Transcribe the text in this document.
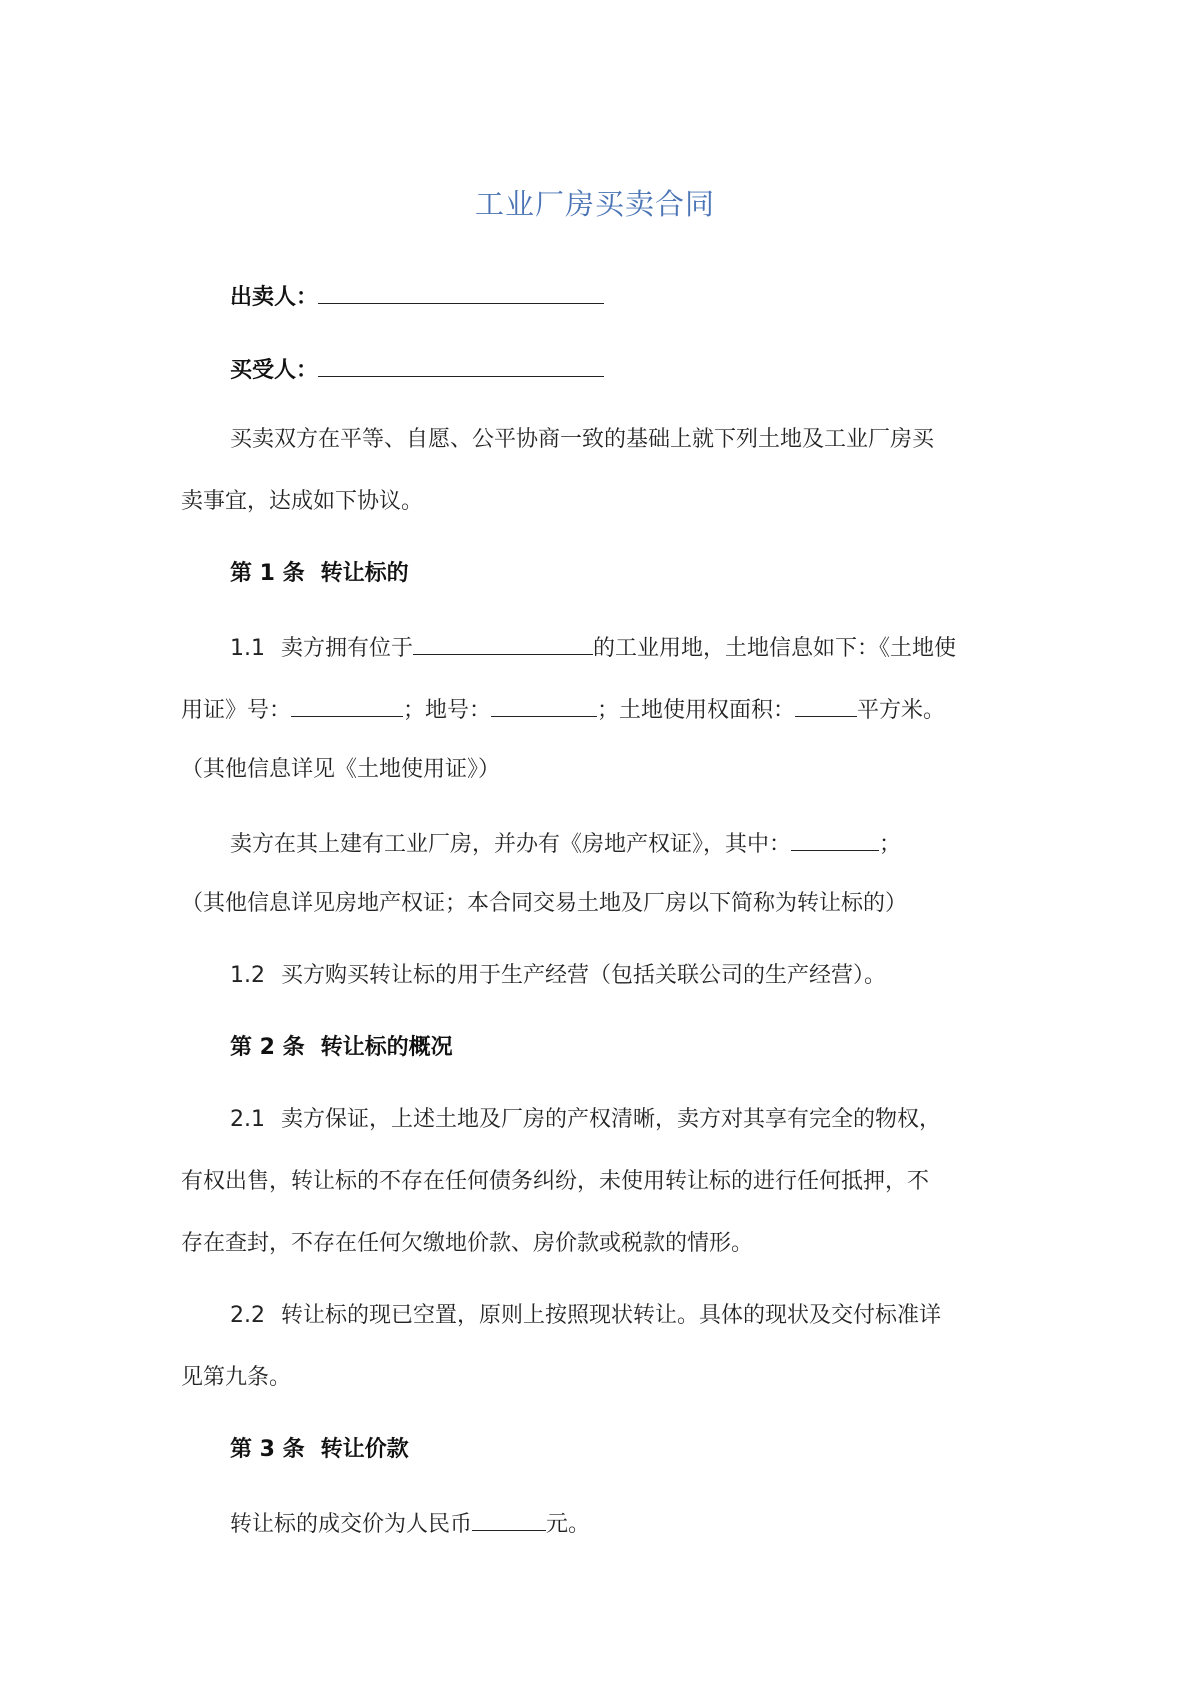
工业厂房买卖合同
出卖人：
买受人：
买卖双方在平等、自愿、公平协商一致的基础上就下列土地及工业厂房买
卖事宜，达成如下协议。
第 1 条 转让标的
1.1 卖方拥有位于	的工业用地，土地信息如下：《土地使
用证》号：	；地号：	；土地使用权面积：	平方米。
（其他信息详见《土地使用证》）
卖方在其上建有工业厂房，并办有《房地产权证》，其中：	；
（其他信息详见房地产权证；本合同交易土地及厂房以下简称为转让标的）
1.2 买方购买转让标的用于生产经营（包括关联公司的生产经营）。
第 2 条 转让标的概况
2.1 卖方保证，上述土地及厂房的产权清晰，卖方对其享有完全的物权，
有权出售，转让标的不存在任何债务纠纷，未使用转让标的进行任何抵押，不
存在查封，不存在任何欠缴地价款、房价款或税款的情形。
2.2 转让标的现已空置，原则上按照现状转让。具体的现状及交付标准详
见第九条。
第 3 条 转让价款
转让标的成交价为人民币	元。
